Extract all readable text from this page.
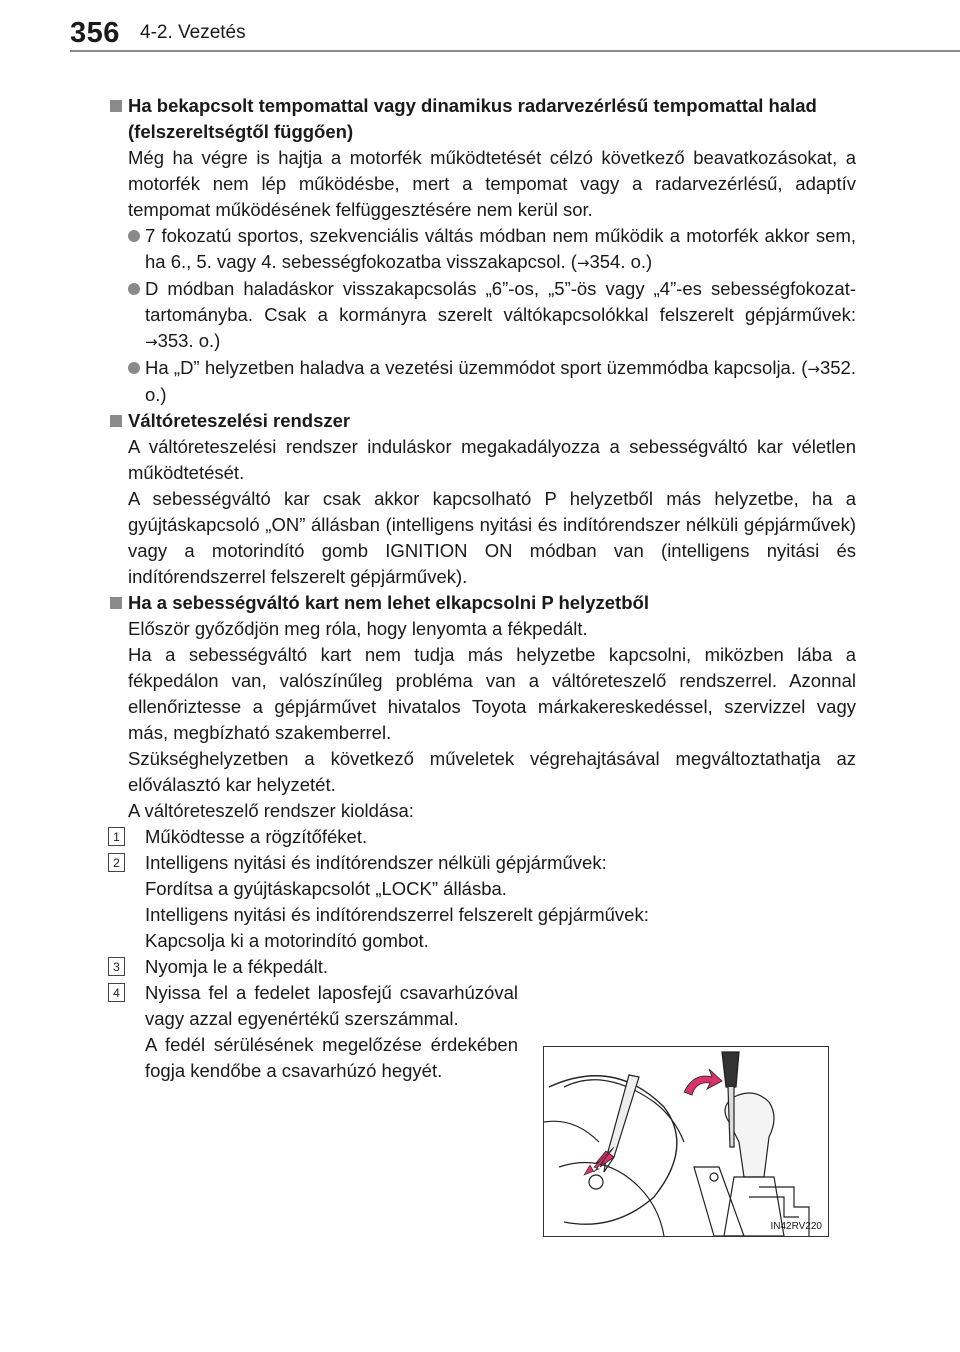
356 4-2. Vezetés

Ha bekapcsolt tempomattal vagy dinamikus radarvezérlésű tempomattal halad (felszereltségtől függően)

Még ha végre is hajtja a motorfék működtetését célzó következő beavatkozásokat, a motorfék nem lép működésbe, mert a tempomat vagy a radarvezérlésű, adaptív tempomat működésének felfüggesztésére nem kerül sor.

7 fokozatú sportos, szekvenciális váltás módban nem működik a motorfék akkor sem, ha 6., 5. vagy 4. sebességfokozatba visszakapcsol. (→354. o.)

D módban haladáskor visszakapcsolás „6”-os, „5”-ös vagy „4”-es sebességfokozat-tartományba. Csak a kormányra szerelt váltókapcsolókkal felszerelt gépjárművek: →353. o.)

Ha „D” helyzetben haladva a vezetési üzemmódot sport üzemmódba kapcsolja. (→352. o.)

Váltóreteszelési rendszer

A váltóreteszelési rendszer induláskor megakadályozza a sebességváltó kar véletlen működtetését.

A sebességváltó kar csak akkor kapcsolható P helyzetből más helyzetbe, ha a gyújtáskapcsoló „ON” állásban (intelligens nyitási és indítórendszer nélküli gépjárművek) vagy a motorindító gomb IGNITION ON módban van (intelligens nyitási és indítórendszerrel felszerelt gépjárművek).

Ha a sebességváltó kart nem lehet elkapcsolni P helyzetből

Először győződjön meg róla, hogy lenyomta a fékpedált.

Ha a sebességváltó kart nem tudja más helyzetbe kapcsolni, miközben lába a fékpedálon van, valószínűleg probléma van a váltóreteszelő rendszerrel. Azonnal ellenőriztesse a gépjárművet hivatalos Toyota márkakereskedéssel, szervizzel vagy más, megbízható szakemberrel.

Szükséghelyzetben a következő műveletek végrehajtásával megváltoztathatja az előválasztó kar helyzetét.

A váltóreteszelő rendszer kioldása:

1 Működtesse a rögzítőféket.

2 Intelligens nyitási és indítórendszer nélküli gépjárművek:
Fordítsa a gyújtáskapcsolót „LOCK” állásba.

Intelligens nyitási és indítórendszerrel felszerelt gépjárművek:
Kapcsolja ki a motorindító gombot.

3 Nyomja le a fékpedált.

4 Nyissa fel a fedelet laposfejű csavarhúzóval vagy azzal egyenértékű szerszámmal.

A fedél sérülésének megelőzése érdekében fogja kendőbe a csavarhúzó hegyét.

IN42RV220
